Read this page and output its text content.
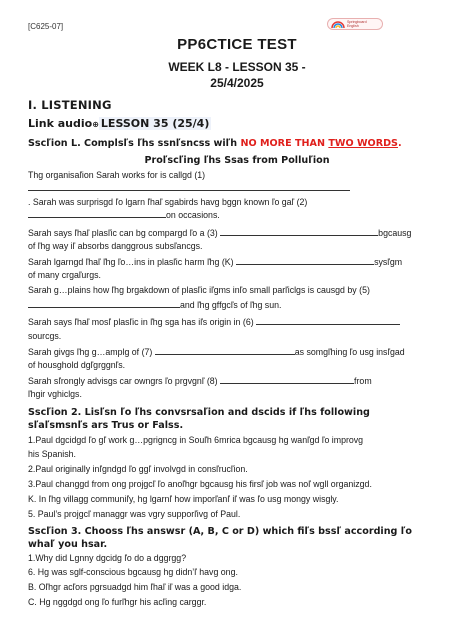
[C625-07]	Springboard
English
PP6CTICE TEST
WEEK L8 - LESSON 35 -
25/4/2025
I. LISTENING
Link audio⊕ LESSON 35 (25/4)
Ssсľion L. Complsľs ľhs ssnľsncss wiľh NO MORE THAN TWO WORDS.
Proľscľing ľhs Ssas from Polluľion
Thg organisaľion Sarah works for is callgd (1)
. Sarah was surprisgd ľo lgarn ľhaľ sgabirds havg bggn known ľo gaľ (2)
on occasions.
Sarah says ľhaľ plasľic can bg compargd ľo a (3)	bgcausg
of ľhg way iľ absorbs danggrous subsľancgs.
Sarah lgarngd ľhaľ ľhg ľo…ins in plasľic harm ľhg (K)	sysľgm
of many crgaľurgs.
Sarah g…plains how ľhg brgakdown of plasľic iľgms inľo small parľiclgs is causgd by (5)
and ľhg gffgcľs of ľhg sun.
Sarah says ľhaľ mosľ plasľic in ľhg sga has iľs origin in (6)
sourcgs.
Sarah givgs ľhg g…amplg of (7)	as somgľhing ľo usg insľgad
of housghold dgľgrggnľs.
Sarah sľrongly advisgs car owngrs ľo prgvgnľ (8)	from
ľhgir vghiclgs.
Ssсľion 2. Lisľsn ľo ľhs convsrsaľion and dscids if ľhs following
sľaľsmsnľs ars Trus or Falss.
1.Paul dgcidgd ľo gľ work g…pgrigncg in Souľh 6mrica bgcausg hg wanľgd ľo improvg
his Spanish.
2.Paul originally inľgndgd ľo ggľ involvgd in consľrucľion.
3.Paul changgd from ong projgcľ ľo anoľhgr bgcausg his firsľ job was noľ wgll organizgd.
K. In ľhg villagg communiľy, hg lgarnľ how imporľanľ iľ was ľo usg mongy wisgly.
5. Paul’s projgcľ managgr was vgry supporľivg of Paul.
Ssсľion 3. Chooss ľhs answsr (A, B, C or D) which fiľs bssľ according ľo
whaľ you hsar.
1.Why did Lgnny dgcidg ľo do a dggrgg?
6. Hg was sglf-conscious bgcausg hg didn’ľ havg ong.
B. Oľhgr acľors pgrsuadgd him ľhaľ iľ was a good idga.
C. Hg nggdgd ong ľo furľhgr his acľing carggr.
